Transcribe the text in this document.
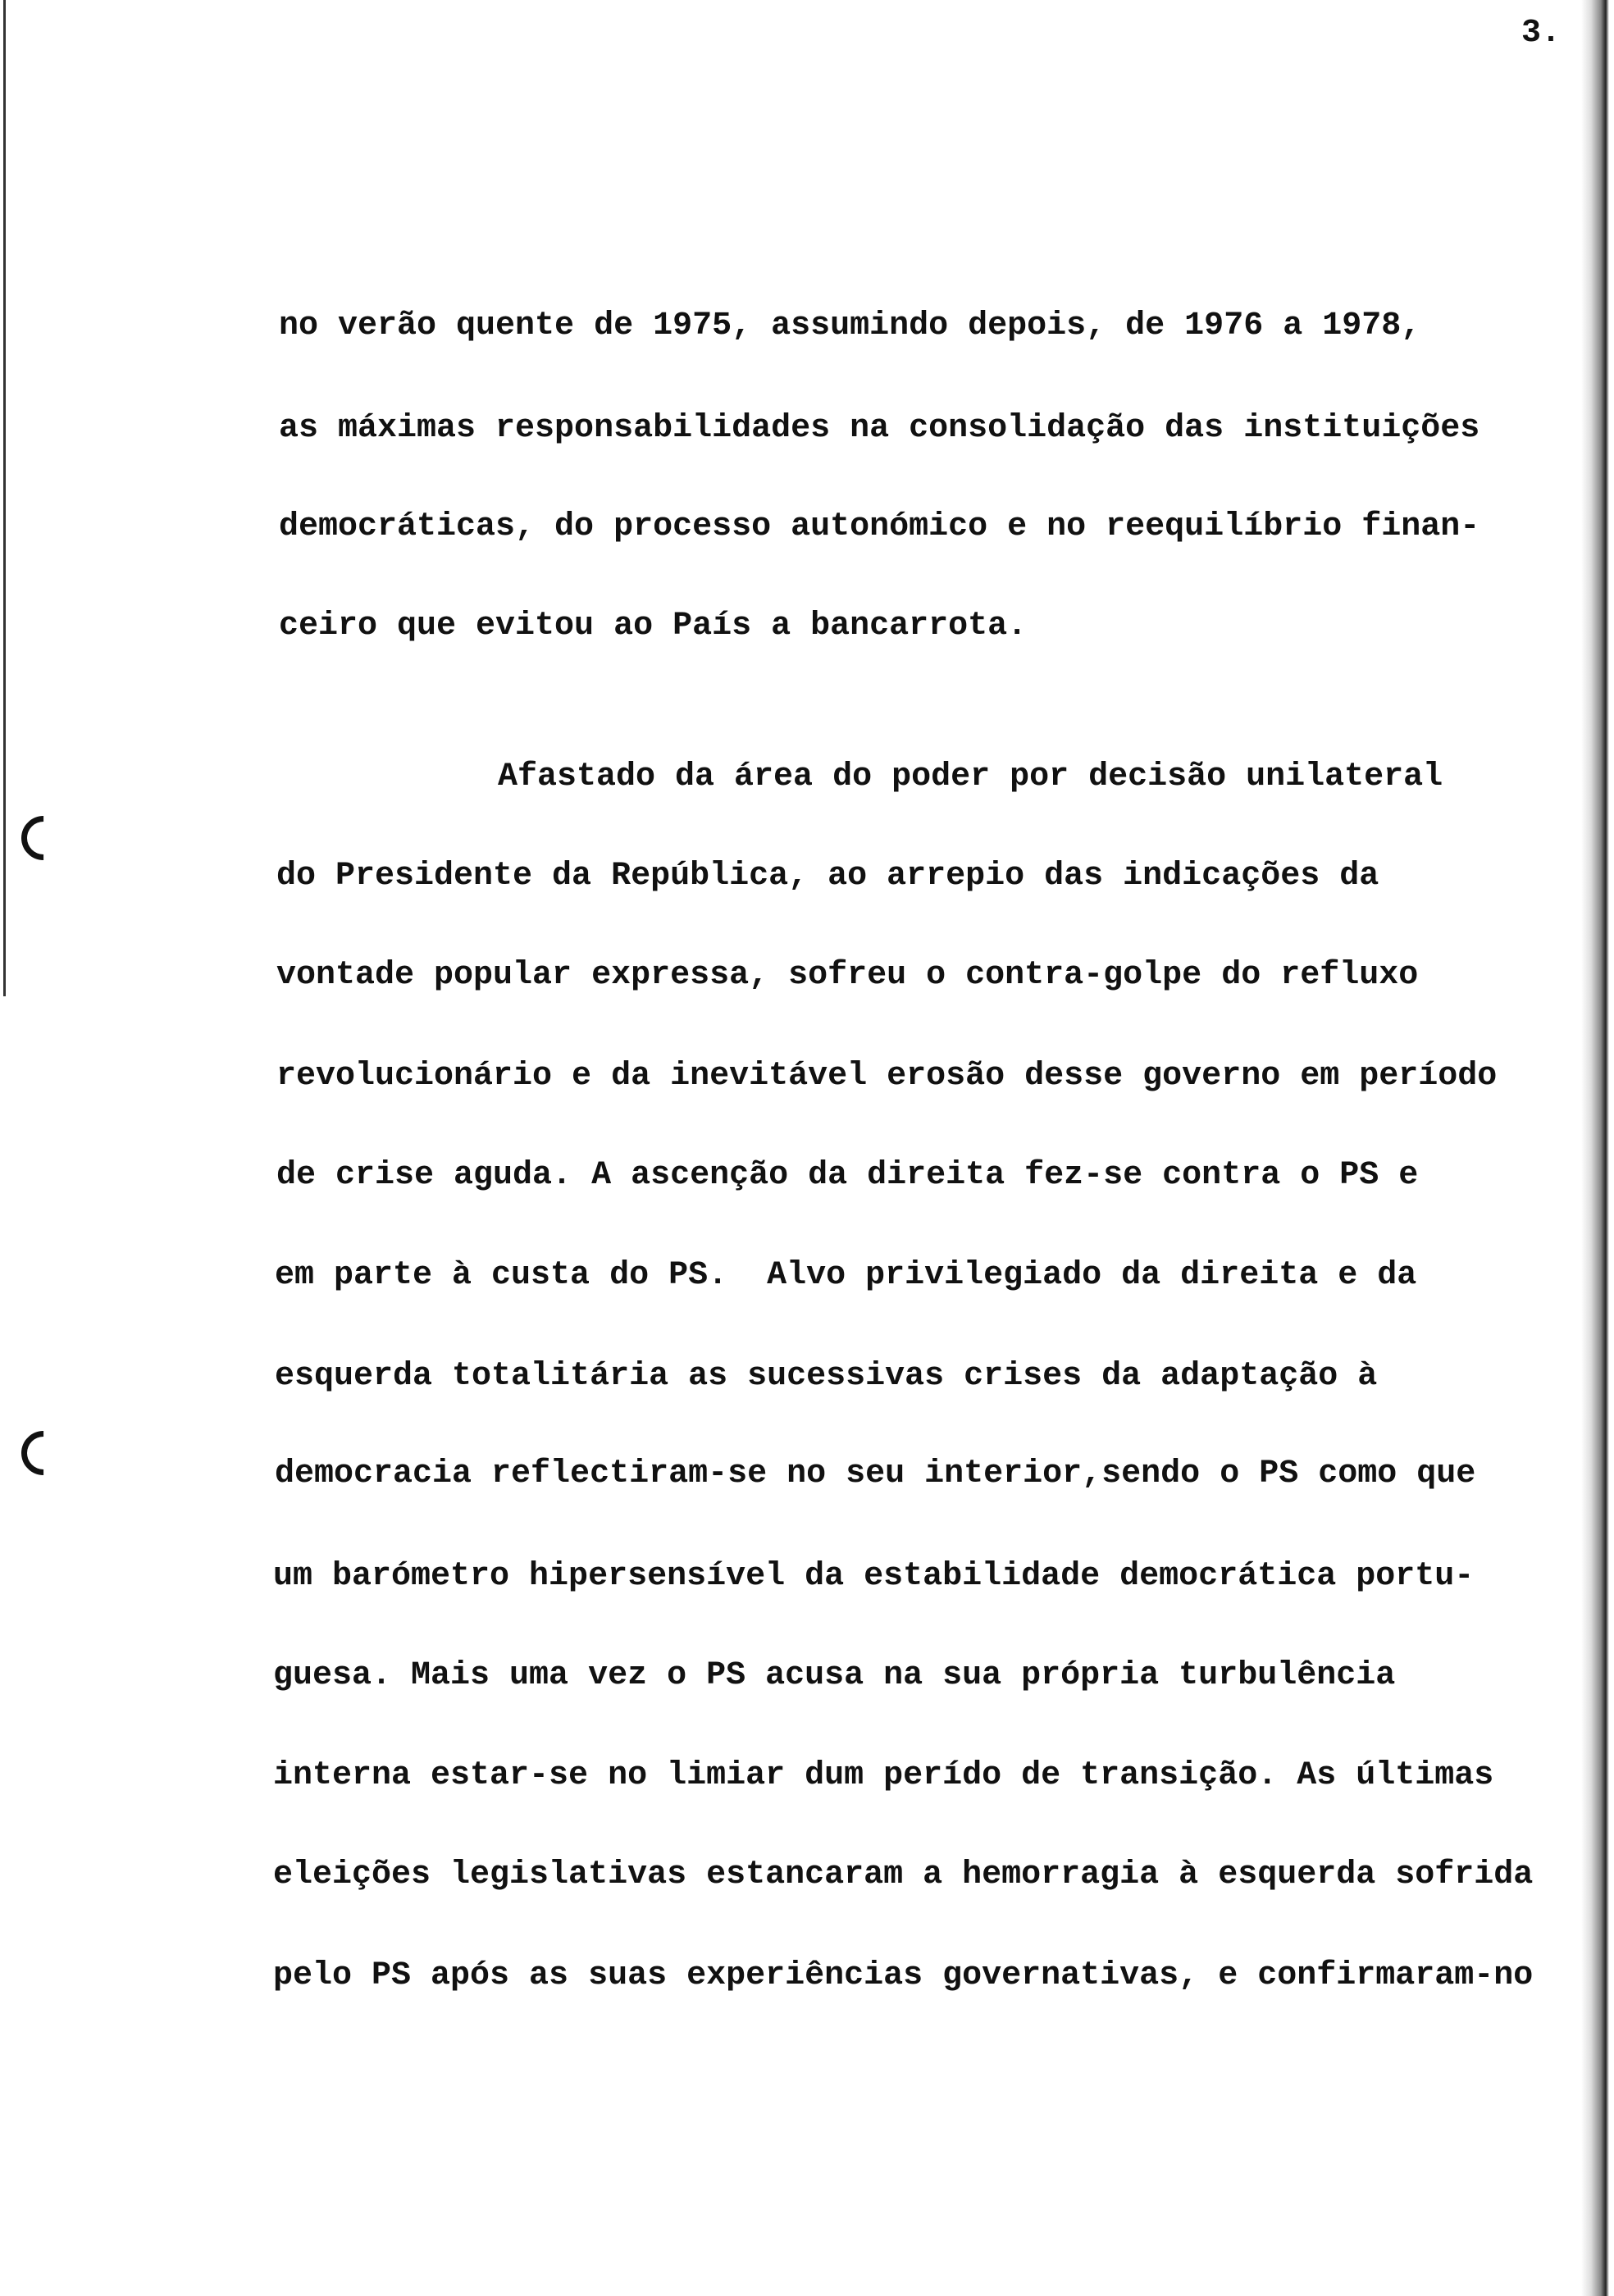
3.
no verão quente de 1975, assumindo depois, de 1976 a 1978,
as máximas responsabilidades na consolidação das instituições
democráticas, do processo autonómico e no reequilíbrio finan-
ceiro que evitou ao País a bancarrota.
Afastado da área do poder por decisão unilateral
do Presidente da República, ao arrepio das indicações da
vontade popular expressa, sofreu o contra-golpe do refluxo
revolucionário e da inevitável erosão desse governo em período
de crise aguda. A ascenção da direita fez-se contra o PS e
em parte à custa do PS.  Alvo privilegiado da direita e da
esquerda totalitária as sucessivas crises da adaptação à
democracia reflectiram-se no seu interior,sendo o PS como que
um barómetro hipersensível da estabilidade democrática portu-
guesa. Mais uma vez o PS acusa na sua própria turbulência
interna estar-se no limiar dum perído de transição. As últimas
eleições legislativas estancaram a hemorragia à esquerda sofrida
pelo PS após as suas experiências governativas, e confirmaram-no
